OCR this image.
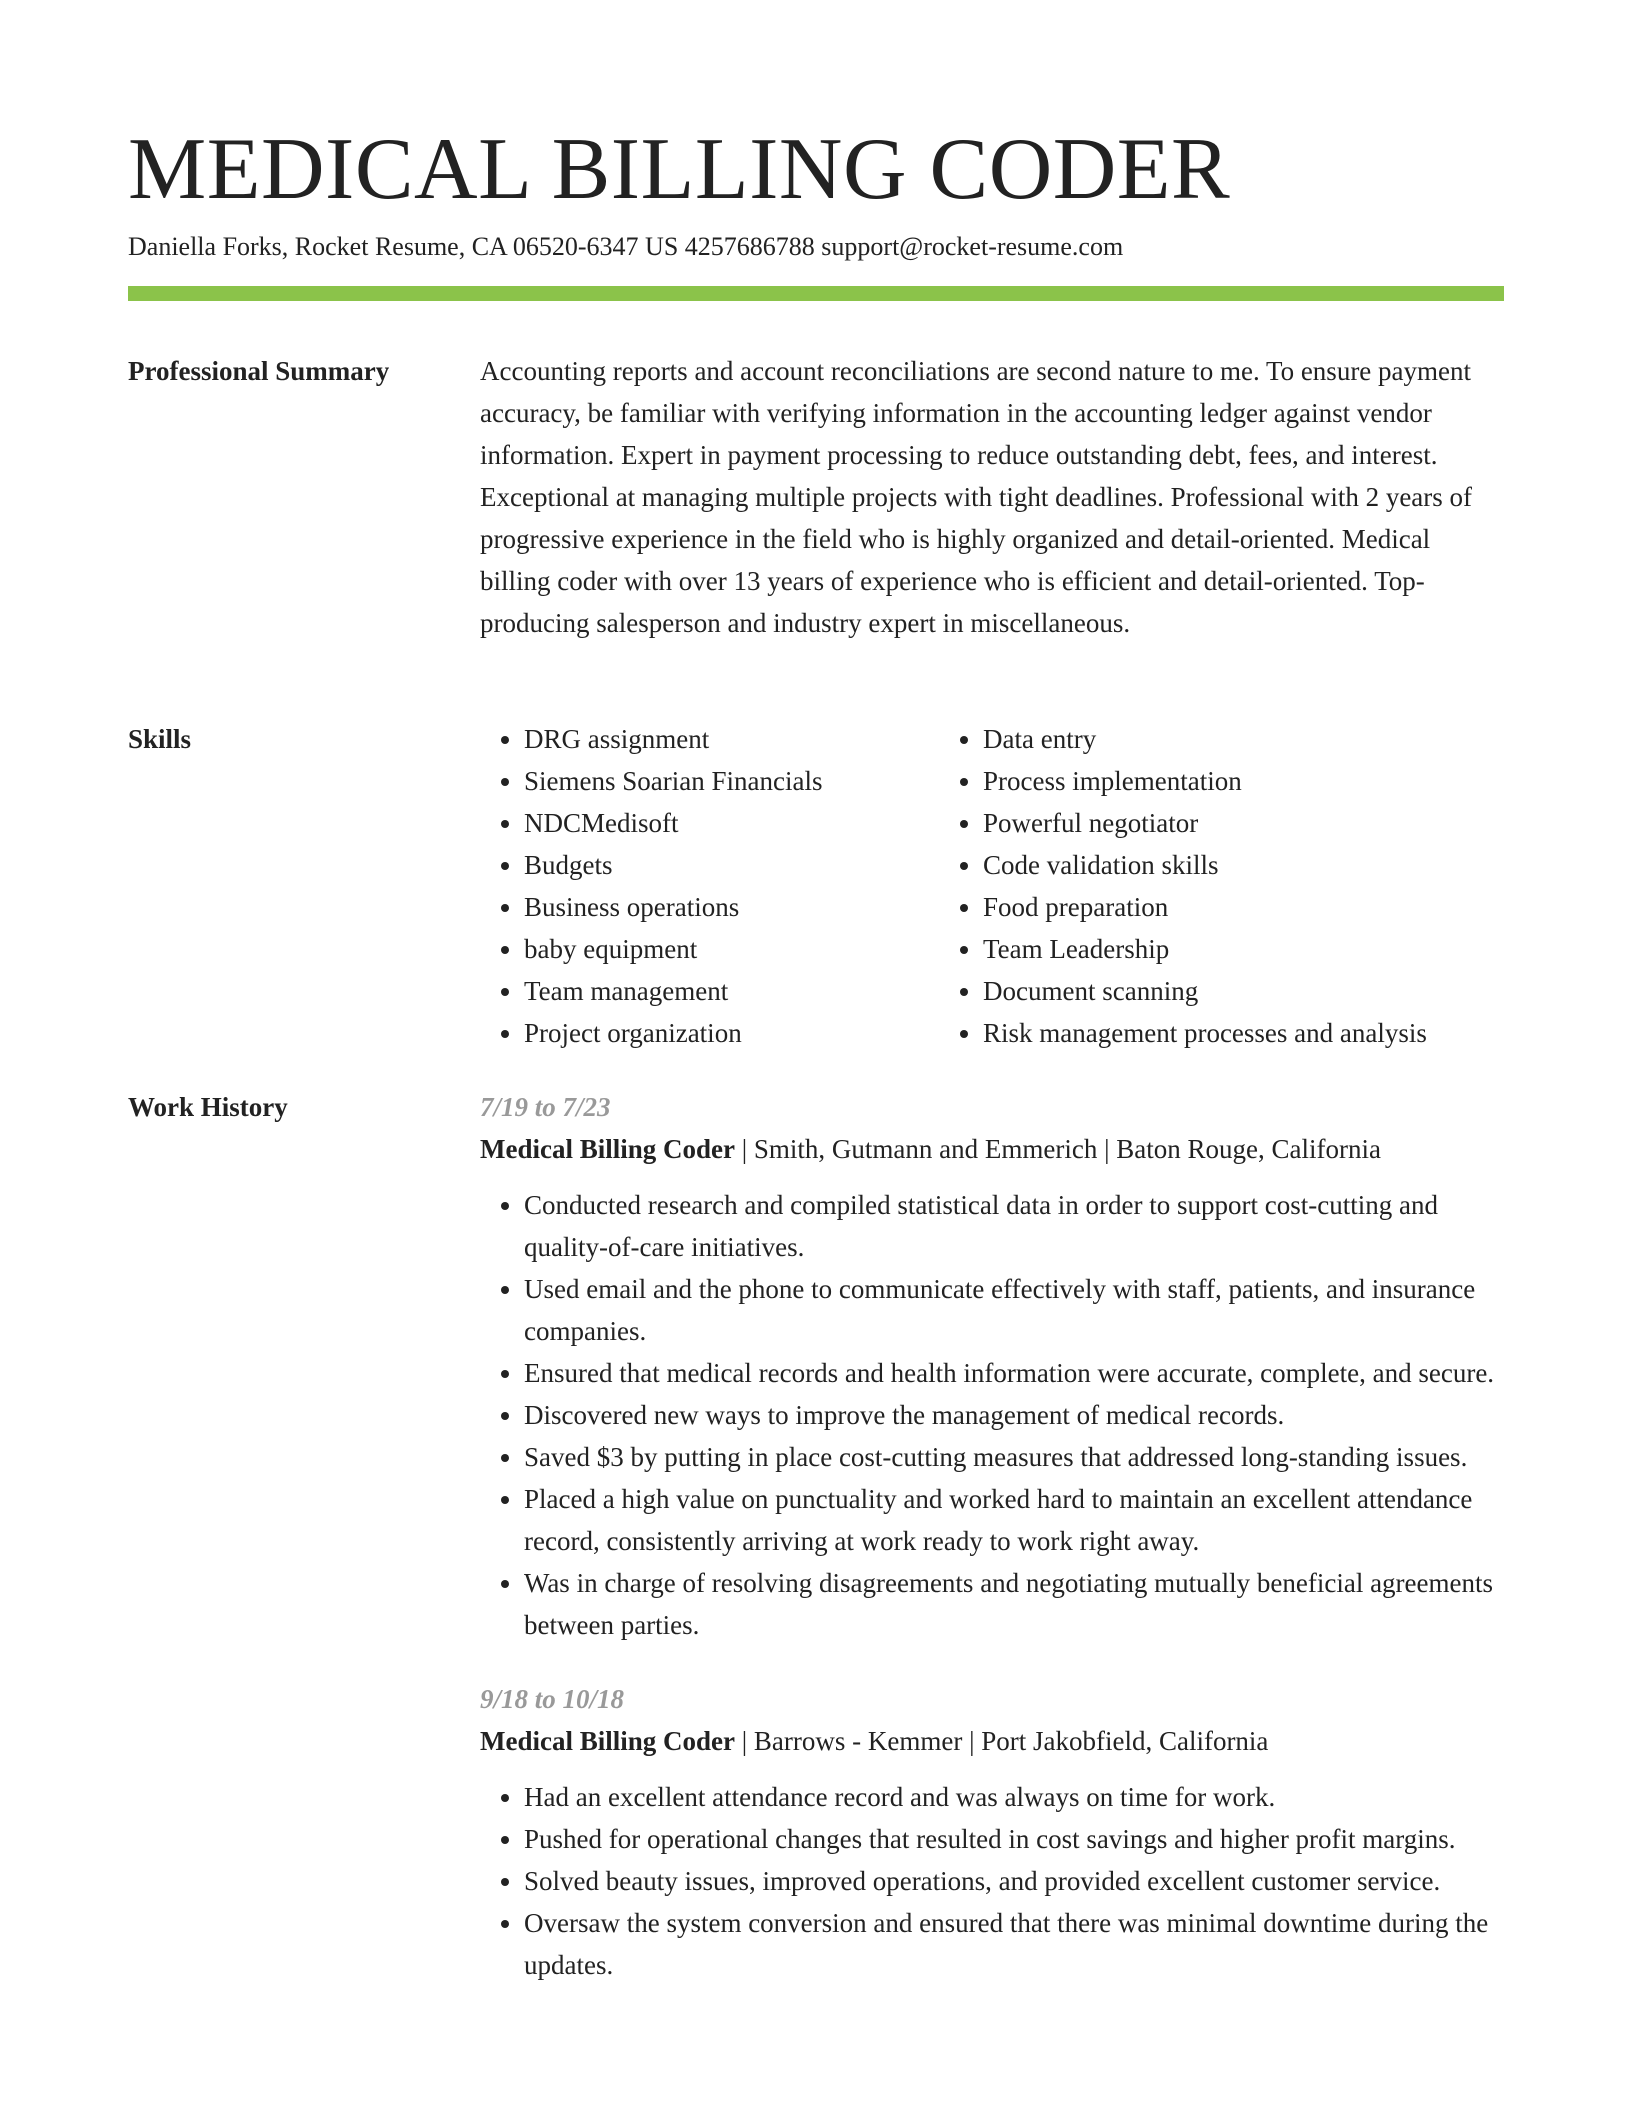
MEDICAL BILLING CODER
Daniella Forks, Rocket Resume, CA 06520-6347 US 4257686788 support@rocket-resume.com
Professional Summary	Accounting reports and account reconciliations are second nature to me. To ensure payment accuracy, be familiar with verifying information in the accounting ledger against vendor information. Expert in payment processing to reduce outstanding debt, fees, and interest. Exceptional at managing multiple projects with tight deadlines. Professional with 2 years of progressive experience in the field who is highly organized and detail-oriented. Medical billing coder with over 13 years of experience who is efficient and detail-oriented. Top-producing salesperson and industry expert in miscellaneous.

Skills
•	DRG assignment
• Siemens Soarian Financials
• NDCMedisoft
• Budgets
• Business operations
• baby equipment
• Team management
• Project organization
• Data entry
• Process implementation
• Powerful negotiator
• Code validation skills
• Food preparation
• Team Leadership
• Document scanning
• Risk management processes and analysis
Work History	7/19 to 7/23
Medical Billing Coder | Smith, Gutmann and Emmerich | Baton Rouge, California
• Conducted research and compiled statistical data in order to support cost-cutting and quality-of-care initiatives.
• Used email and the phone to communicate effectively with staff, patients, and insurance companies.
• Ensured that medical records and health information were accurate, complete, and secure.
• Discovered new ways to improve the management of medical records.
• Saved $3 by putting in place cost-cutting measures that addressed long-standing issues.
• Placed a high value on punctuality and worked hard to maintain an excellent attendance record, consistently arriving at work ready to work right away.
• Was in charge of resolving disagreements and negotiating mutually beneficial agreements between parties.
9/18 to 10/18
Medical Billing Coder | Barrows - Kemmer | Port Jakobfield, California
• Had an excellent attendance record and was always on time for work.
• Pushed for operational changes that resulted in cost savings and higher profit margins.
• Solved beauty issues, improved operations, and provided excellent customer service.
• Oversaw the system conversion and ensured that there was minimal downtime during the updates.
